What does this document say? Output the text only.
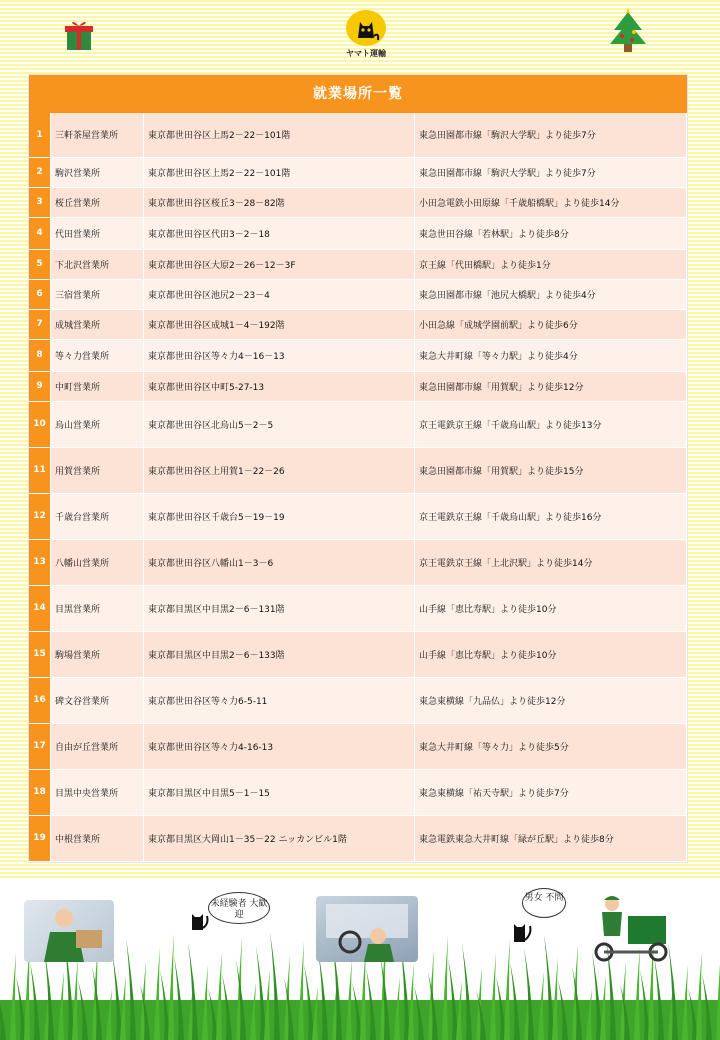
ヤマト運輸
就業場所一覧
1	三軒茶屋営業所	東京都世田谷区上馬2－22－101階	東急田園都市線「駒沢大学駅」より徒歩7分
2	駒沢営業所	東京都世田谷区上馬2－22－101階	東急田園都市線「駒沢大学駅」より徒歩7分
3	桜丘営業所	東京都世田谷区桜丘3－28－82階	小田急電鉄小田原線「千歳船橋駅」より徒歩14分
4	代田営業所	東京都世田谷区代田3－2－18	東急世田谷線「若林駅」より徒歩8分
5	下北沢営業所	東京都世田谷区大原2－26－12－3F	京王線「代田橋駅」より徒歩1分
6	三宿営業所	東京都世田谷区池尻2－23－4	東急田園都市線「池尻大橋駅」より徒歩4分
7	成城営業所	東京都世田谷区成城1－4－192階	小田急線「成城学園前駅」より徒歩6分
8	等々力営業所	東京都世田谷区等々力4－16－13	東急大井町線「等々力駅」より徒歩4分
9	中町営業所	東京都世田谷区中町5-27-13	東急田園都市線「用賀駅」より徒歩12分
10	烏山営業所	東京都世田谷区北烏山5－2－5	京王電鉄京王線「千歳烏山駅」より徒歩13分
11	用賀営業所	東京都世田谷区上用賀1－22－26	東急田園都市線「用賀駅」より徒歩15分
12	千歳台営業所	東京都世田谷区千歳台5－19－19	京王電鉄京王線「千歳烏山駅」より徒歩16分
13	八幡山営業所	東京都世田谷区八幡山1－3－6	京王電鉄京王線「上北沢駅」より徒歩14分
14	目黒営業所	東京都目黒区中目黒2－6－131階	山手線「恵比寿駅」より徒歩10分
15	駒場営業所	東京都目黒区中目黒2－6－133階	山手線「恵比寿駅」より徒歩10分
16	碑文谷営業所	東京都世田谷区等々力6-5-11	東急東横線「九品仏」より徒歩12分
17	自由が丘営業所	東京都世田谷区等々力4-16-13	東急大井町線「等々力」より徒歩5分
18	目黒中央営業所	東京都目黒区中目黒5－1－15	東急東横線「祐天寺駅」より徒歩7分
19	中根営業所	東京都目黒区大岡山1－35－22 ニッカンビル1階	東急電鉄東急大井町線「緑が丘駅」より徒歩8分
未経験者 大歓迎
男女 不問
